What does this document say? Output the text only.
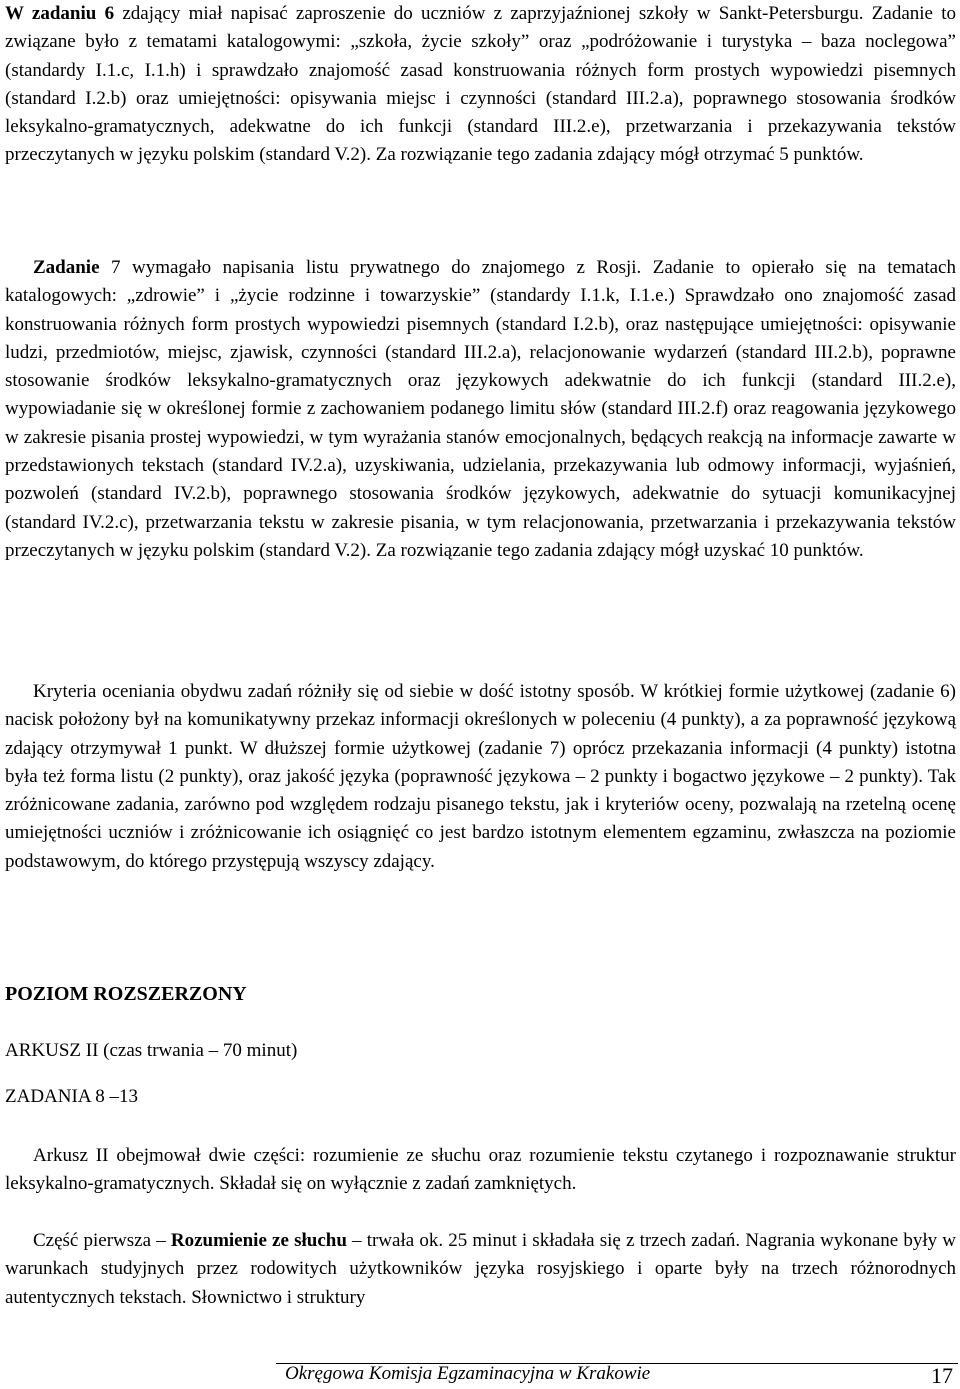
W zadaniu 6 zdający miał napisać zaproszenie do uczniów z zaprzyjaźnionej szkoły w Sankt-Petersburgu. Zadanie to związane było z tematami katalogowymi: „szkoła, życie szkoły” oraz „podróżowanie i turystyka – baza noclegowa” (standardy I.1.c, I.1.h) i sprawdzało znajomość zasad konstruowania różnych form prostych wypowiedzi pisemnych (standard I.2.b) oraz umiejętności: opisywania miejsc i czynności (standard III.2.a), poprawnego stosowania środków leksykalno-gramatycznych, adekwatne do ich funkcji (standard III.2.e), przetwarzania i przekazywania tekstów przeczytanych w języku polskim (standard V.2). Za rozwiązanie tego zadania zdający mógł otrzymać 5 punktów.

Zadanie 7 wymagało napisania listu prywatnego do znajomego z Rosji. Zadanie to opierało się na tematach katalogowych: „zdrowie” i „życie rodzinne i towarzyskie” (standardy I.1.k, I.1.e.) Sprawdzało ono znajomość zasad konstruowania różnych form prostych wypowiedzi pisemnych (standard I.2.b), oraz następujące umiejętności: opisywanie ludzi, przedmiotów, miejsc, zjawisk, czynności (standard III.2.a), relacjonowanie wydarzeń (standard III.2.b), poprawne stosowanie środków leksykalno-gramatycznych oraz językowych adekwatnie do ich funkcji (standard III.2.e), wypowiadanie się w określonej formie z zachowaniem podanego limitu słów (standard III.2.f) oraz reagowania językowego w zakresie pisania prostej wypowiedzi, w tym wyrażania stanów emocjonalnych, będących reakcją na informacje zawarte w przedstawionych tekstach (standard IV.2.a), uzyskiwania, udzielania, przekazywania lub odmowy informacji, wyjaśnień, pozwoleń (standard IV.2.b), poprawnego stosowania środków językowych, adekwatnie do sytuacji komunikacyjnej (standard IV.2.c), przetwarzania tekstu w zakresie pisania, w tym relacjonowania, przetwarzania i przekazywania tekstów przeczytanych w języku polskim (standard V.2). Za rozwiązanie tego zadania zdający mógł uzyskać 10 punktów.

Kryteria oceniania obydwu zadań różniły się od siebie w dość istotny sposób. W krótkiej formie użytkowej (zadanie 6) nacisk położony był na komunikatywny przekaz informacji określonych w poleceniu (4 punkty), a za poprawność językową zdający otrzymywał 1 punkt. W dłuższej formie użytkowej (zadanie 7) oprócz przekazania informacji (4 punkty) istotna była też forma listu (2 punkty), oraz jakość języka (poprawność językowa – 2 punkty i bogactwo językowe – 2 punkty). Tak zróżnicowane zadania, zarówno pod względem rodzaju pisanego tekstu, jak i kryteriów oceny, pozwalają na rzetelną ocenę umiejętności uczniów i zróżnicowanie ich osiągnięć co jest bardzo istotnym elementem egzaminu, zwłaszcza na poziomie podstawowym, do którego przystępują wszyscy zdający.

POZIOM ROZSZERZONY
ARKUSZ II (czas trwania – 70 minut)
ZADANIA 8 –13

Arkusz II obejmował dwie części: rozumienie ze słuchu oraz rozumienie tekstu czytanego i rozpoznawanie struktur leksykalno-gramatycznych. Składał się on wyłącznie z zadań zamkniętych.

Część pierwsza – Rozumienie ze słuchu – trwała ok. 25 minut i składała się z trzech zadań. Nagrania wykonane były w warunkach studyjnych przez rodowitych użytkowników języka rosyjskiego i oparte były na trzech różnorodnych autentycznych tekstach. Słownictwo i struktury

Okręgowa Komisja Egzaminacyjna w Krakowie	17
